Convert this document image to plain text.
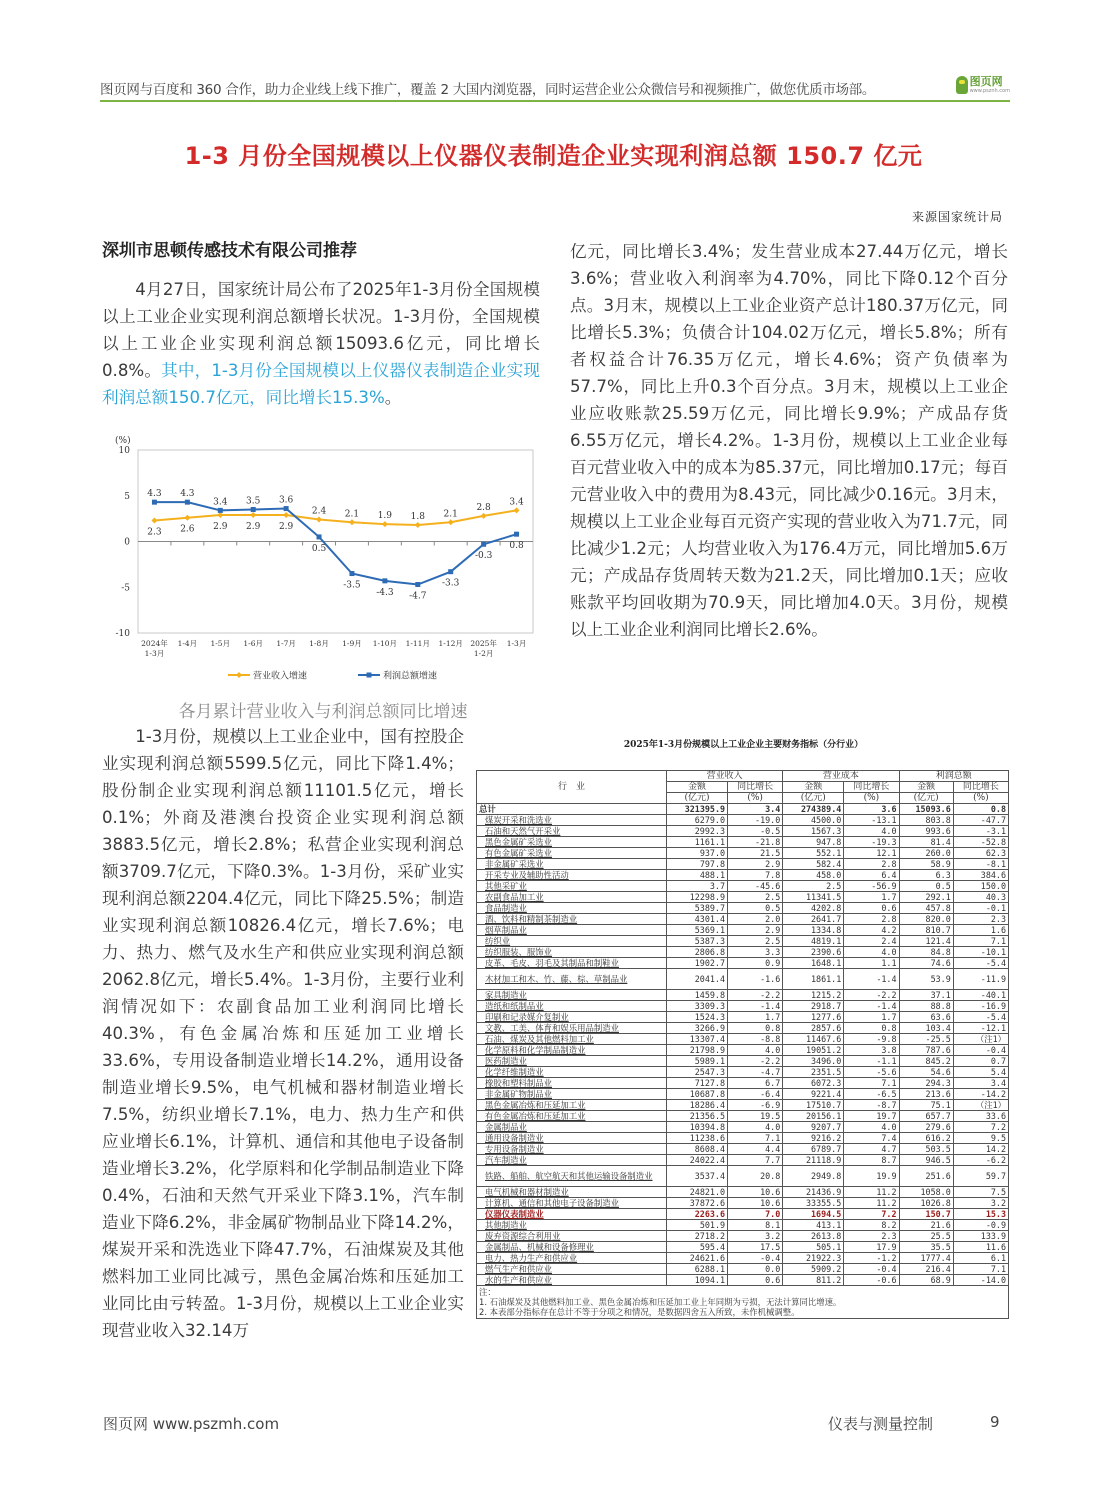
图页网与百度和 360 合作，助力企业线上线下推广，覆盖 2 大国内浏览器，同时运营企业公众微信号和视频推广，做您优质市场部。
图页网
www.psznh.com
1-3 月份全国规模以上仪器仪表制造企业实现利润总额 150.7 亿元
来源国家统计局
深圳市思顿传感技术有限公司推荐

4月27日，国家统计局公布了2025年1-3月份全国规模以上工业企业实现利润总额增长状况。1-3月份，全国规模以上工业企业实现利润总额15093.6亿元，同比增长0.8%。其中，1-3月份全国规模以上仪器仪表制造企业实现利润总额150.7亿元，同比增长15.3%。

(%)
10
5
0
-5
-10
2024年
1-3月
1-4月 1-5月 1-6月 1-7月 1-8月 1-9月 1-10月 1-11月 1-12月 2025年
1-2月
1-3月
2.3 2.6 2.9 2.9 2.9
2.4 2.1 1.9 1.8 2.1
2.8
3.4
4.3 4.3
3.4 3.5 3.6
0.5
-3.5
-4.3 -4.7
-3.3
-0.3
0.8
营业收入增速	利润总额增速
各月累计营业收入与利润总额同比增速

1-3月份，规模以上工业企业中，国有控股企业实现利润总额5599.5亿元，同比下降1.4%；股份制企业实现利润总额11101.5亿元，增长0.1%；外商及港澳台投资企业实现利润总额3883.5亿元，增长2.8%；私营企业实现利润总额3709.7亿元，下降0.3%。1-3月份，采矿业实现利润总额2204.4亿元，同比下降25.5%；制造业实现利润总额10826.4亿元，增长7.6%；电力、热力、燃气及水生产和供应业实现利润总额2062.8亿元，增长5.4%。1-3月份，主要行业利润情况如下：农副食品加工业利润同比增长40.3%，有色金属冶炼和压延加工业增长33.6%，专用设备制造业增长14.2%，通用设备制造业增长9.5%，电气机械和器材制造业增长7.5%，纺织业增长7.1%，电力、热力生产和供应业增长6.1%，计算机、通信和其他电子设备制造业增长3.2%，化学原料和化学制品制造业下降0.4%，石油和天然气开采业下降3.1%，汽车制造业下降6.2%，非金属矿物制品业下降14.2%，煤炭开采和洗选业下降47.7%，石油煤炭及其他燃料加工业同比减亏，黑色金属冶炼和压延加工业同比由亏转盈。1-3月份，规模以上工业企业实现营业收入32.14万

亿元，同比增长3.4%；发生营业成本27.44万亿元，增长3.6%；营业收入利润率为4.70%，同比下降0.12个百分点。3月末，规模以上工业企业资产总计180.37万亿元，同比增长5.3%；负债合计104.02万亿元，增长5.8%；所有者权益合计76.35万亿元，增长4.6%；资产负债率为57.7%，同比上升0.3个百分点。3月末，规模以上工业企业应收账款25.59万亿元，同比增长9.9%；产成品存货6.55万亿元，增长4.2%。1-3月份，规模以上工业企业每百元营业收入中的成本为85.37元，同比增加0.17元；每百元营业收入中的费用为8.43元，同比减少0.16元。3月末，规模以上工业企业每百元资产实现的营业收入为71.7元，同比减少1.2元；人均营业收入为176.4万元，同比增加5.6万元；产成品存货周转天数为21.2天，同比增加0.1天；应收账款平均回收期为70.9天，同比增加4.0天。3月份，规模以上工业企业利润同比增长2.6%。

2025年1-3月份规模以上工业企业主要财务指标（分行业）
行　业	营业收入		营业成本		利润总额	
	金额	同比增长	金额	同比增长	金额	同比增长
	(亿元)	(%)	(亿元)	(%)	(亿元)	(%)
总计	321395.9	3.4	274389.4	3.6	15093.6	0.8
煤炭开采和洗选业	6279.0	-19.0	4500.0	-13.1	803.8	-47.7
石油和天然气开采业	2992.3	-0.5	1567.3	4.0	993.6	-3.1
黑色金属矿采选业	1161.1	-21.8	947.8	-19.3	81.4	-52.8
有色金属矿采选业	937.0	21.5	552.1	12.1	260.0	62.3
非金属矿采选业	797.8	2.9	582.4	2.8	58.9	-8.1
开采专业及辅助性活动	488.1	7.8	458.0	6.4	6.3	384.6
其他采矿业	3.7	-45.6	2.5	-56.9	0.5	150.0
农副食品加工业	12298.9	2.5	11341.5	1.7	292.1	40.3
食品制造业	5389.7	0.5	4202.8	0.6	457.8	-0.1
酒、饮料和精制茶制造业	4301.4	2.0	2641.7	2.8	820.0	2.3
烟草制品业	5369.1	2.9	1334.8	4.2	810.7	1.6
纺织业	5387.3	2.5	4819.1	2.4	121.4	7.1
纺织服装、服饰业	2806.8	3.3	2390.6	4.0	84.8	-10.1
皮革、毛皮、羽毛及其制品和制鞋业	1902.7	0.9	1648.1	1.1	74.6	-5.4
木材加工和木、竹、藤、棕、草制品业	2041.4	-1.6	1861.1	-1.4	53.9	-11.9
家具制造业	1459.8	-2.2	1215.2	-2.2	37.1	-40.1
造纸和纸制品业	3309.3	-1.4	2918.7	-1.4	88.8	-16.9
印刷和记录媒介复制业	1524.3	1.7	1277.6	1.7	63.6	-5.4
文教、工美、体育和娱乐用品制造业	3266.9	0.8	2857.6	0.8	103.4	-12.1
石油、煤炭及其他燃料加工业	13307.4	-8.8	11467.6	-9.8	-25.5	（注1）
化学原料和化学制品制造业	21798.9	4.0	19051.2	3.8	787.6	-0.4
医药制造业	5989.1	-2.2	3496.0	-1.1	845.2	0.7
化学纤维制造业	2547.3	-4.7	2351.5	-5.6	54.6	5.4
橡胶和塑料制品业	7127.8	6.7	6072.3	7.1	294.3	3.4
非金属矿物制品业	10687.8	-6.4	9221.4	-6.5	213.6	-14.2
黑色金属冶炼和压延加工业	18286.4	-6.9	17510.7	-8.7	75.1	（注1）
有色金属冶炼和压延加工业	21356.5	19.5	20156.1	19.7	657.7	33.6
金属制品业	10394.8	4.0	9207.7	4.0	279.6	7.2
通用设备制造业	11238.6	7.1	9216.2	7.4	616.2	9.5
专用设备制造业	8608.4	4.4	6789.7	4.7	503.5	14.2
汽车制造业	24022.4	7.7	21118.9	8.7	946.5	-6.2
铁路、船舶、航空航天和其他运输设备制造业	3537.4	20.8	2949.8	19.9	251.6	59.7
电气机械和器材制造业	24821.0	10.6	21436.9	11.2	1058.0	7.5
计算机、通信和其他电子设备制造业	37872.6	10.6	33355.5	11.2	1026.8	3.2
仪器仪表制造业	2263.6	7.0	1694.5	7.2	150.7	15.3
其他制造业	501.9	8.1	413.1	8.2	21.6	-0.9
废弃资源综合利用业	2718.2	3.2	2613.8	2.3	25.5	133.9
金属制品、机械和设备修理业	595.4	17.5	505.1	17.9	35.5	11.6
电力、热力生产和供应业	24621.6	-0.4	21922.3	-1.2	1777.4	6.1
燃气生产和供应业	6288.1	0.0	5909.2	-0.4	216.4	7.1
水的生产和供应业	1094.1	0.6	811.2	-0.6	68.9	-14.0

注：
1. 石油煤炭及其他燃料加工业、黑色金属冶炼和压延加工业上年同期为亏损，无法计算同比增速。
2. 本表部分指标存在总计不等于分项之和情况，是数据四舍五入所致，未作机械调整。						
图页网 www.pszmh.com	仪表与测量控制	9
